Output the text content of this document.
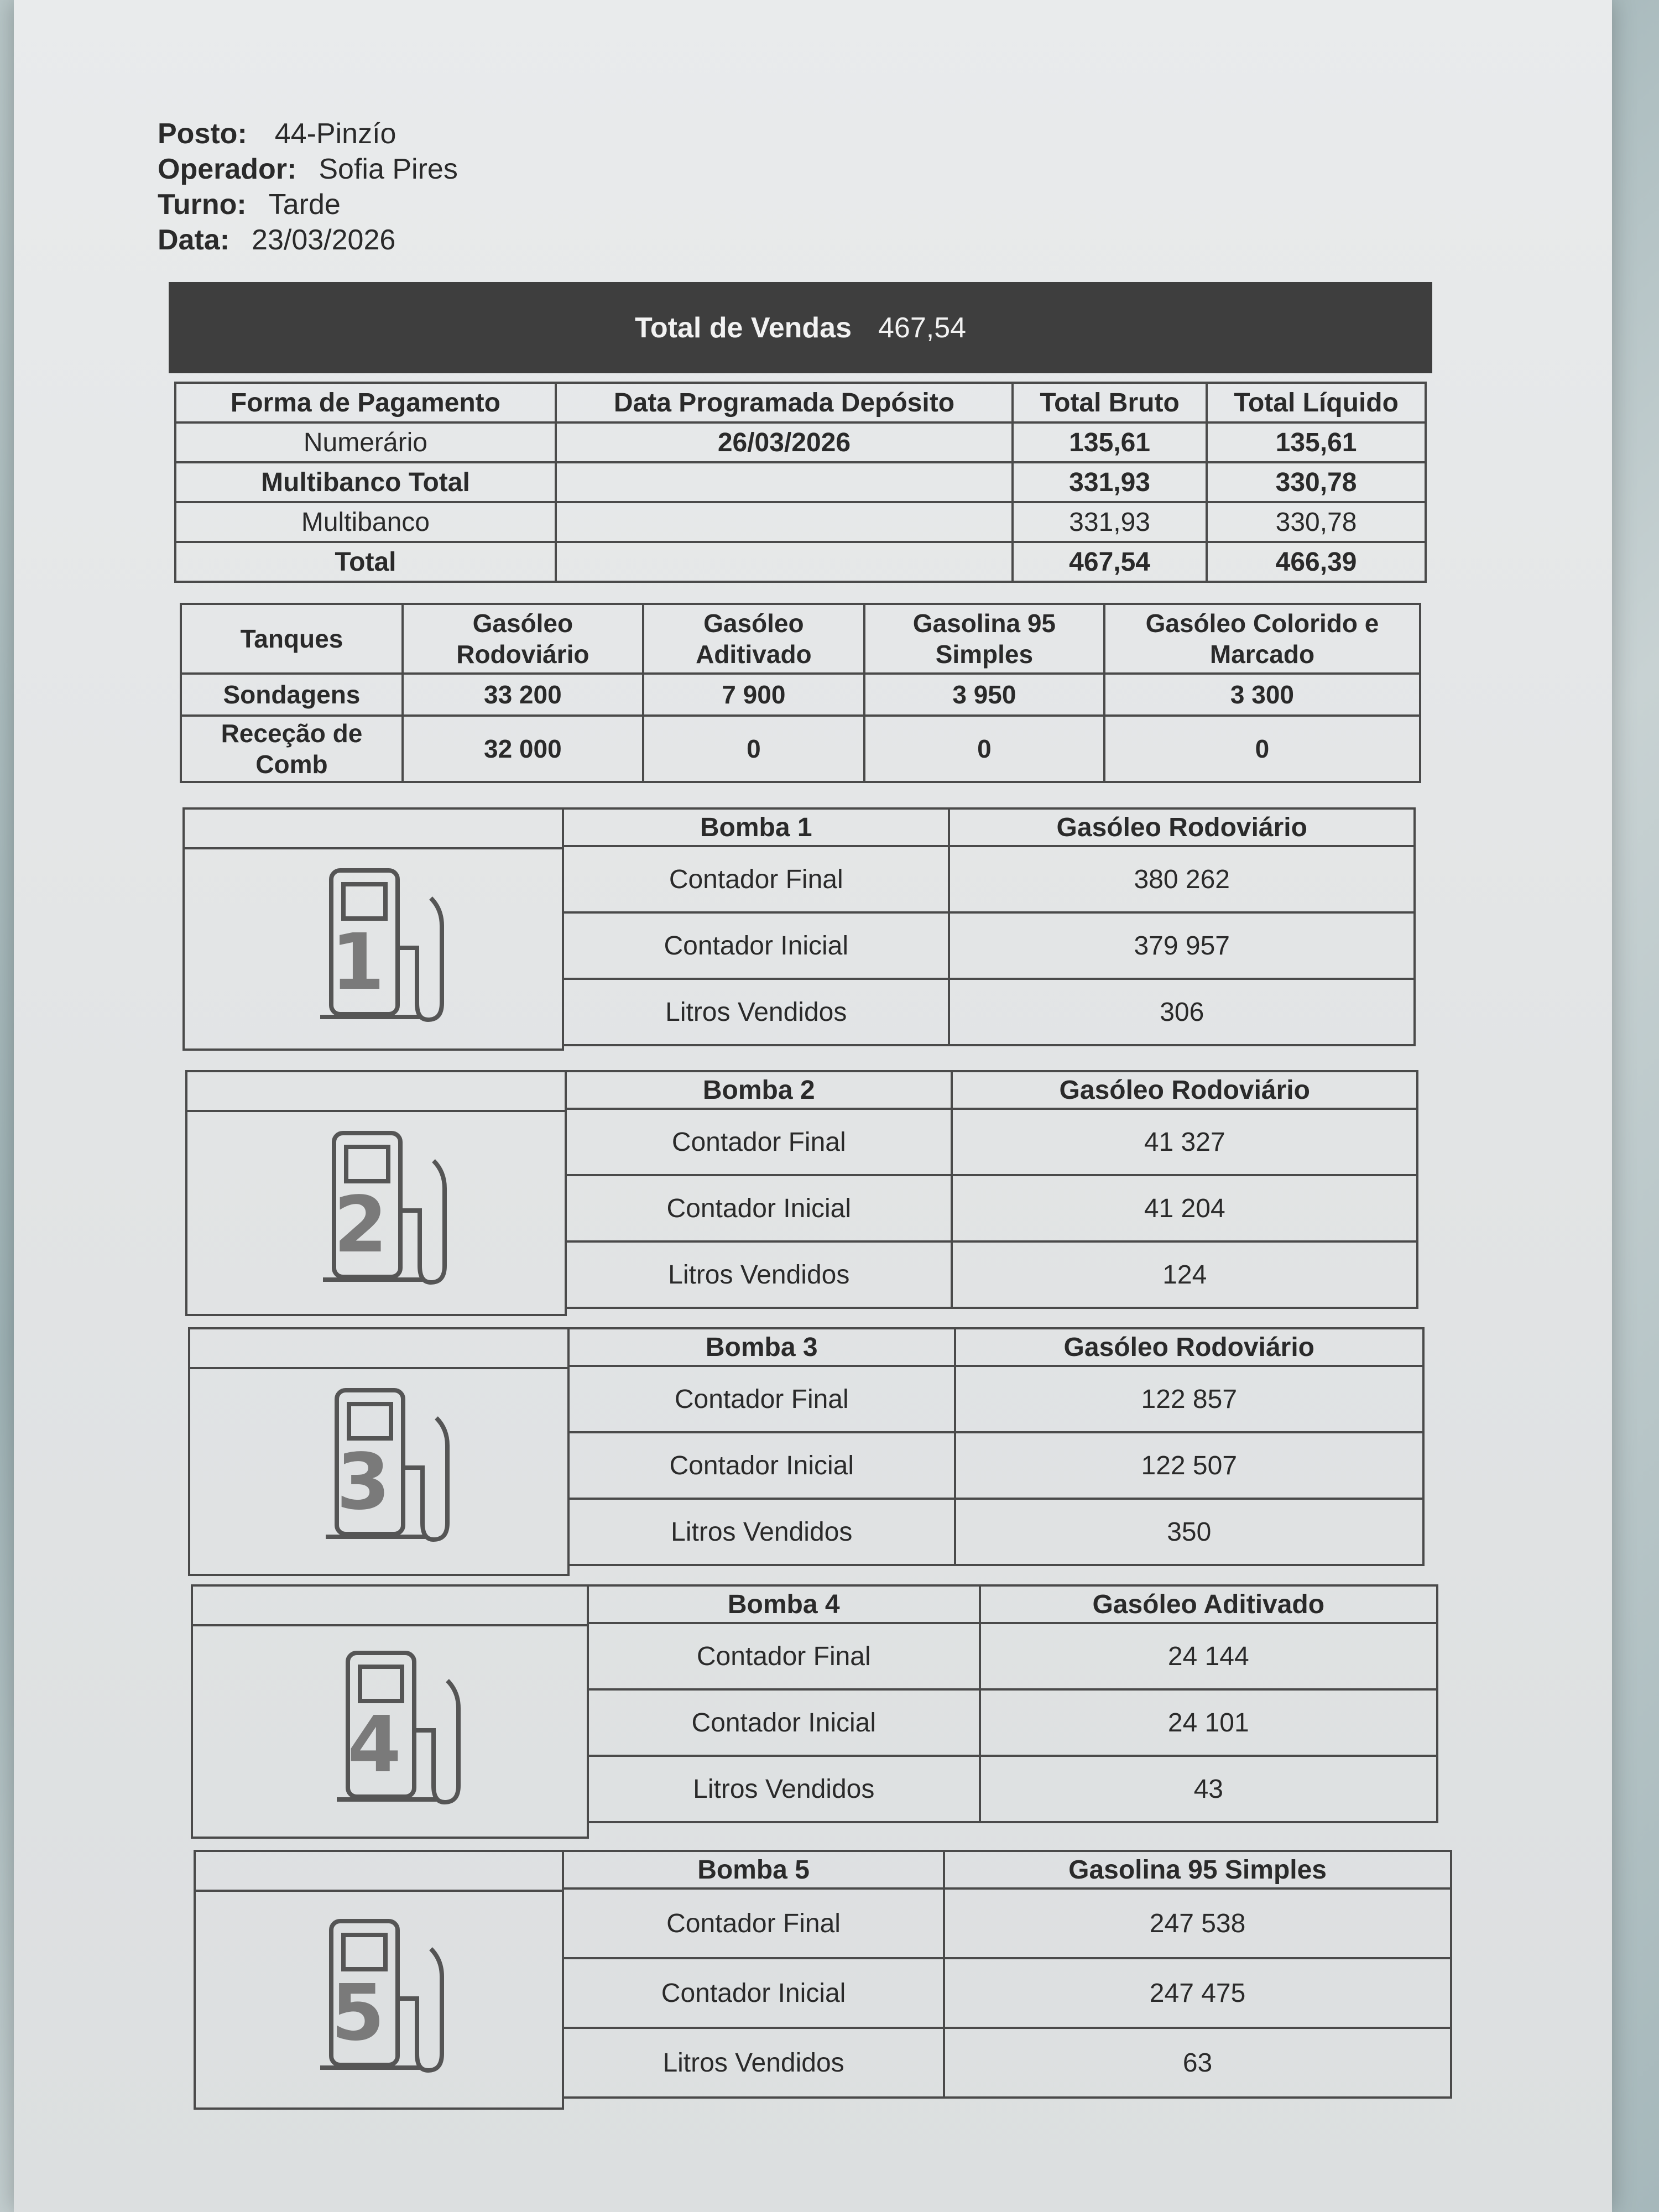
Posto: 44-Pinzío
Operador: Sofia Pires
Turno: Tarde
Data: 23/03/2026
Total de Vendas 467,54
Forma de Pagamento	Data Programada Depósito	Total Bruto	Total Líquido
Numerário	26/03/2026	135,61	135,61
Multibanco Total		331,93	330,78
Multibanco		331,93	330,78
Total		467,54	466,39
Tanques	Gasóleo Rodoviário	Gasóleo Aditivado	Gasolina 95 Simples	Gasóleo Colorido e Marcado
Sondagens	33 200	7 900	3 950	3 300
Receção de Comb	32 000	0	0	0
1
Bomba 1	Gasóleo Rodoviário
Contador Final	380 262
Contador Inicial	379 957
Litros Vendidos	306
2
Bomba 2	Gasóleo Rodoviário
Contador Final	41 327
Contador Inicial	41 204
Litros Vendidos	124
3
Bomba 3	Gasóleo Rodoviário
Contador Final	122 857
Contador Inicial	122 507
Litros Vendidos	350
4
Bomba 4	Gasóleo Aditivado
Contador Final	24 144
Contador Inicial	24 101
Litros Vendidos	43
5
Bomba 5	Gasolina 95 Simples
Contador Final	247 538
Contador Inicial	247 475
Litros Vendidos	63
